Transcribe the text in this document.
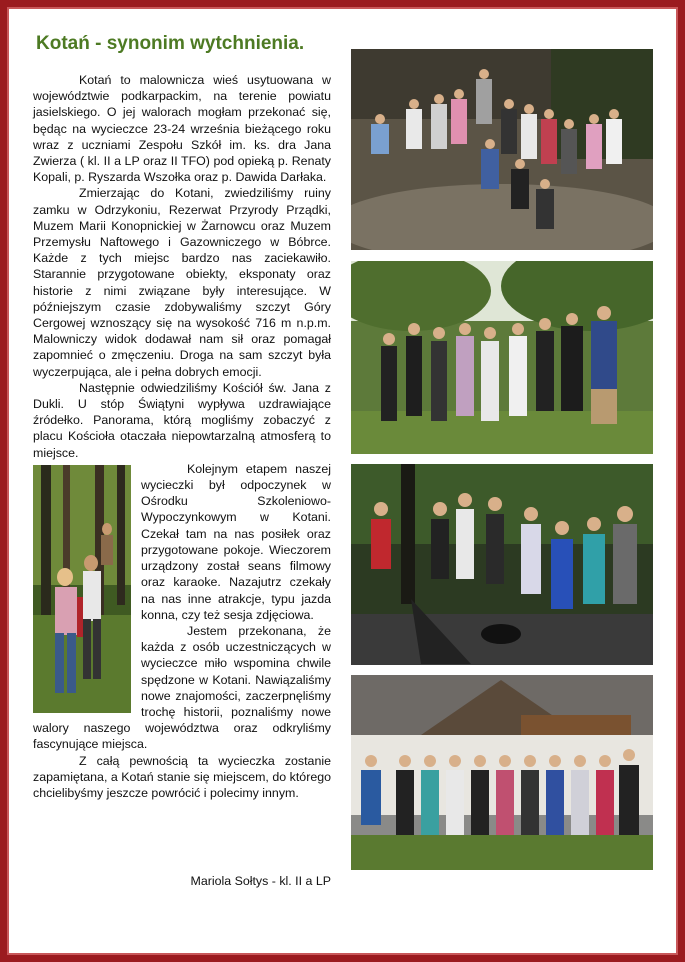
Kotań - synonim wytchnienia.

Kotań to malownicza wieś usytuowana w województwie podkarpackim, na terenie powiatu jasielskiego. O jej walorach mogłam przekonać się, będąc na wycieczce 23-24 września bieżącego roku wraz z uczniami Zespołu Szkół im. ks. dra Jana Zwierza ( kl. II a LP oraz II TFO) pod opieką p. Renaty Kopali, p. Ryszarda Wszołka oraz p. Dawida Darłaka.

Zmierzając do Kotani, zwiedziliśmy ruiny zamku w Odrzykoniu, Rezerwat Przyrody Prządki, Muzem Marii Konopnickiej w Żarnowcu oraz Muzem Przemysłu Naftowego i Gazowniczego w Bóbrce. Każde z tych miejsc bardzo nas zaciekawiło. Starannie przygotowane obiekty, eksponaty oraz historie z nimi związane były interesujące. W późniejszym czasie zdobywaliśmy szczyt Góry Cergowej wznoszący się na wysokość 716 m n.p.m. Malowniczy widok dodawał nam sił oraz pomagał zapomnieć o zmęczeniu. Droga na sam szczyt była wyczerpująca, ale i pełna dobrych emocji.

Następnie odwiedziliśmy Kościół św. Jana z Dukli. U stóp Świątyni wypływa uzdrawiające źródełko. Panorama, którą mogliśmy zobaczyć z placu Kościoła otaczała niepowtarzalną atmosferą to miejsce.

Kolejnym etapem naszej wycieczki był odpoczynek w Ośrodku Szkoleniowo-Wypoczynkowym w Kotani. Czekał tam na nas posiłek oraz przygotowane pokoje. Wieczorem urządzony został seans filmowy oraz karaoke. Nazajutrz czekały na nas inne atrakcje, typu jazda konna, czy też sesja zdjęciowa.

Jestem przekonana, że każda z osób uczestniczących w wycieczce miło wspomina chwile spędzone w Kotani. Nawiązaliśmy nowe znajomości, zaczerpnęliśmy trochę historii, poznaliśmy nowe walory naszego województwa oraz odkryliśmy fascynujące miejsca.

Z całą pewnością ta wycieczka zostanie zapamiętana, a Kotań stanie się miejscem, do którego chcielibyśmy jeszcze powrócić i polecimy innym.

Mariola Sołtys - kl. II a LP
